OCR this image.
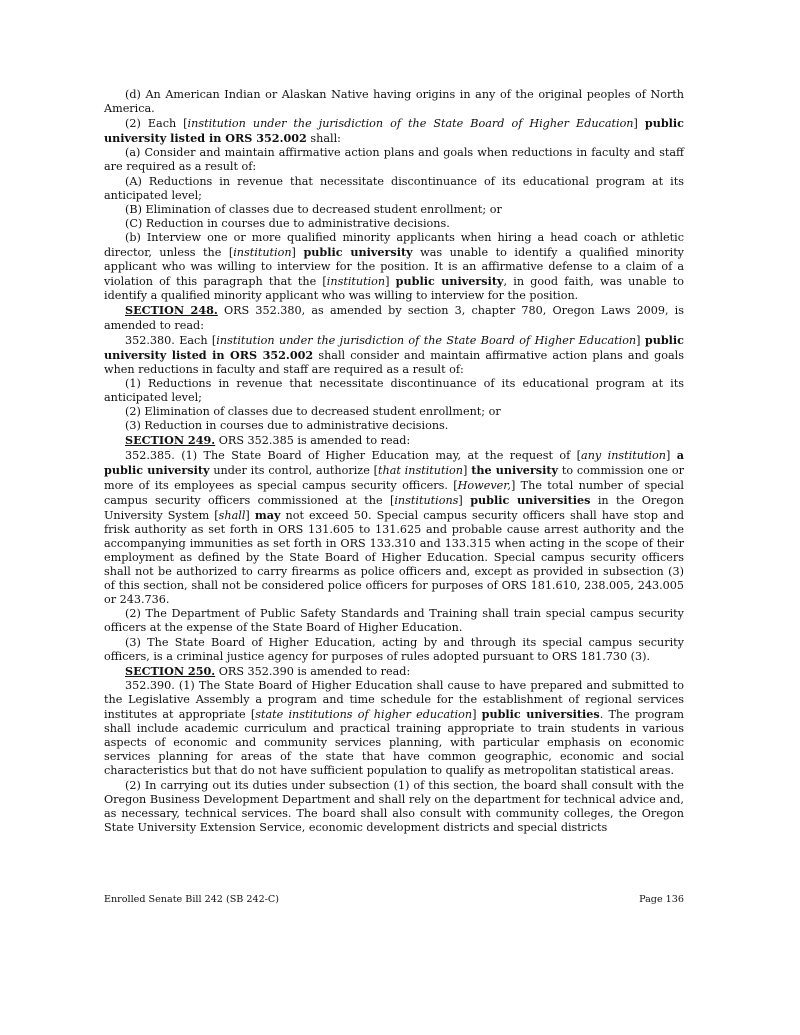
(d) An American Indian or Alaskan Native having origins in any of the original peoples of North America.

(2) Each [institution under the jurisdiction of the State Board of Higher Education] public university listed in ORS 352.002 shall:

(a) Consider and maintain affirmative action plans and goals when reductions in faculty and staff are required as a result of:

(A) Reductions in revenue that necessitate discontinuance of its educational program at its anticipated level;

(B) Elimination of classes due to decreased student enrollment; or

(C) Reduction in courses due to administrative decisions.

(b) Interview one or more qualified minority applicants when hiring a head coach or athletic director, unless the [institution] public university was unable to identify a qualified minority applicant who was willing to interview for the position. It is an affirmative defense to a claim of a violation of this paragraph that the [institution] public university, in good faith, was unable to identify a qualified minority applicant who was willing to interview for the position.

SECTION 248. ORS 352.380, as amended by section 3, chapter 780, Oregon Laws 2009, is amended to read:

352.380. Each [institution under the jurisdiction of the State Board of Higher Education] public university listed in ORS 352.002 shall consider and maintain affirmative action plans and goals when reductions in faculty and staff are required as a result of:

(1) Reductions in revenue that necessitate discontinuance of its educational program at its anticipated level;

(2) Elimination of classes due to decreased student enrollment; or

(3) Reduction in courses due to administrative decisions.

SECTION 249. ORS 352.385 is amended to read:

352.385. (1) The State Board of Higher Education may, at the request of [any institution] a public university under its control, authorize [that institution] the university to commission one or more of its employees as special campus security officers. [However,] The total number of special campus security officers commissioned at the [institutions] public universities in the Oregon University System [shall] may not exceed 50. Special campus security officers shall have stop and frisk authority as set forth in ORS 131.605 to 131.625 and probable cause arrest authority and the accompanying immunities as set forth in ORS 133.310 and 133.315 when acting in the scope of their employment as defined by the State Board of Higher Education. Special campus security officers shall not be authorized to carry firearms as police officers and, except as provided in subsection (3) of this section, shall not be considered police officers for purposes of ORS 181.610, 238.005, 243.005 or 243.736.

(2) The Department of Public Safety Standards and Training shall train special campus security officers at the expense of the State Board of Higher Education.

(3) The State Board of Higher Education, acting by and through its special campus security officers, is a criminal justice agency for purposes of rules adopted pursuant to ORS 181.730 (3).

SECTION 250. ORS 352.390 is amended to read:

352.390. (1) The State Board of Higher Education shall cause to have prepared and submitted to the Legislative Assembly a program and time schedule for the establishment of regional services institutes at appropriate [state institutions of higher education] public universities. The program shall include academic curriculum and practical training appropriate to train students in various aspects of economic and community services planning, with particular emphasis on economic services planning for areas of the state that have common geographic, economic and social characteristics but that do not have sufficient population to qualify as metropolitan statistical areas.

(2) In carrying out its duties under subsection (1) of this section, the board shall consult with the Oregon Business Development Department and shall rely on the department for technical advice and, as necessary, technical services. The board shall also consult with community colleges, the Oregon State University Extension Service, economic development districts and special districts

Enrolled Senate Bill 242 (SB 242-C)	Page 136
